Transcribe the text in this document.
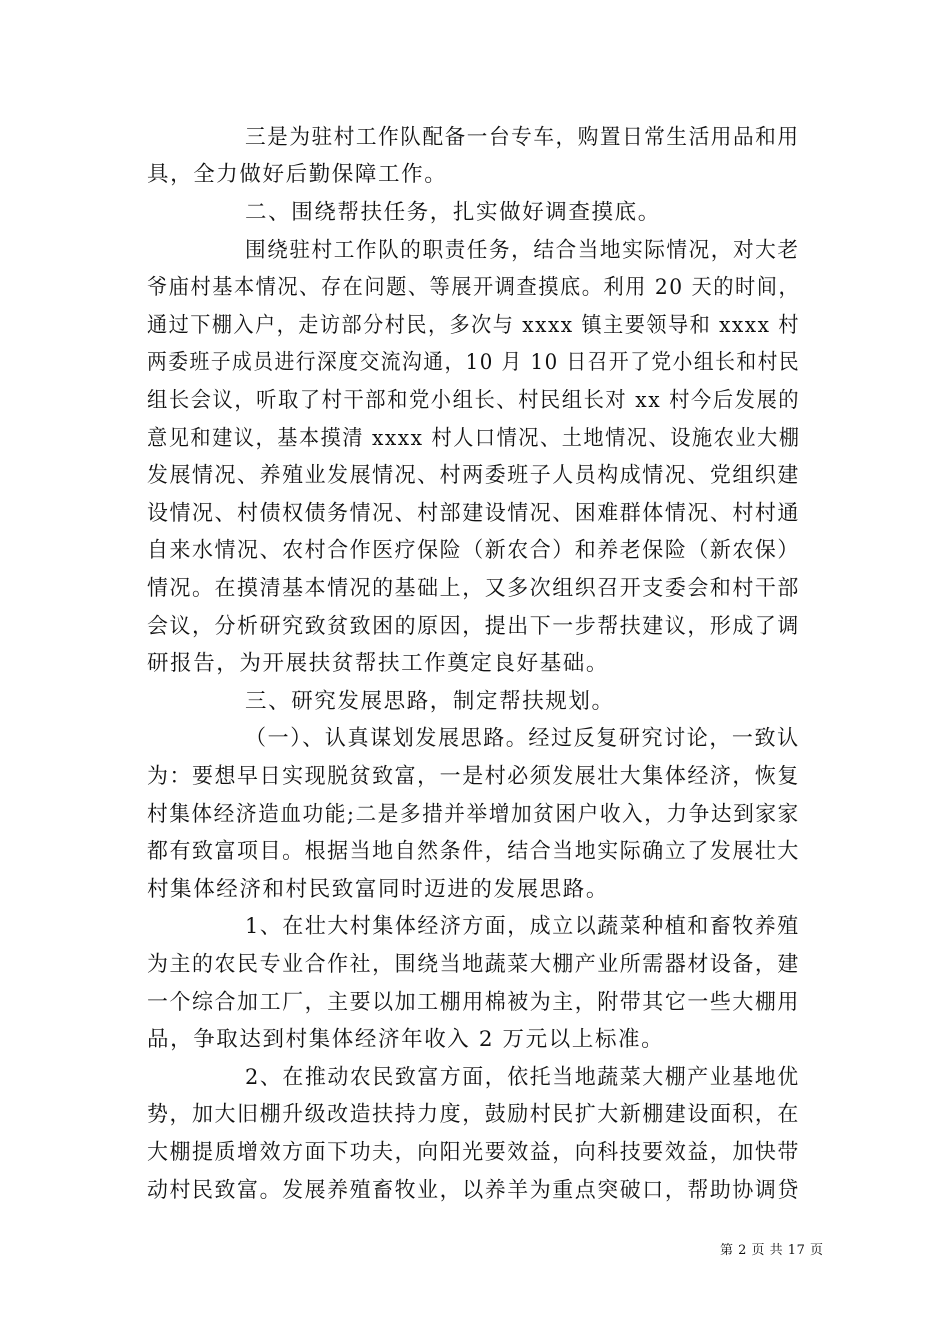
三是为驻村工作队配备一台专车，购置日常生活用品和用
具，全力做好后勤保障工作。
二、围绕帮扶任务，扎实做好调查摸底。
围绕驻村工作队的职责任务，结合当地实际情况，对大老
爷庙村基本情况、存在问题、等展开调查摸底。利用 20 天的时间，
通过下棚入户，走访部分村民，多次与 xxxx 镇主要领导和 xxxx 村
两委班子成员进行深度交流沟通，10 月 10 日召开了党小组长和村民
组长会议，听取了村干部和党小组长、村民组长对 xx 村今后发展的
意见和建议，基本摸清 xxxx 村人口情况、土地情况、设施农业大棚
发展情况、养殖业发展情况、村两委班子人员构成情况、党组织建
设情况、村债权债务情况、村部建设情况、困难群体情况、村村通
自来水情况、农村合作医疗保险（新农合）和养老保险（新农保）
情况。在摸清基本情况的基础上，又多次组织召开支委会和村干部
会议，分析研究致贫致困的原因，提出下一步帮扶建议，形成了调
研报告，为开展扶贫帮扶工作奠定良好基础。
三、研究发展思路，制定帮扶规划。
（一）、认真谋划发展思路。经过反复研究讨论，一致认
为：要想早日实现脱贫致富，一是村必须发展壮大集体经济，恢复
村集体经济造血功能;二是多措并举增加贫困户收入，力争达到家家
都有致富项目。根据当地自然条件，结合当地实际确立了发展壮大
村集体经济和村民致富同时迈进的发展思路。
1、在壮大村集体经济方面，成立以蔬菜种植和畜牧养殖
为主的农民专业合作社，围绕当地蔬菜大棚产业所需器材设备，建
一个综合加工厂，主要以加工棚用棉被为主，附带其它一些大棚用
品，争取达到村集体经济年收入 2 万元以上标准。
2、在推动农民致富方面，依托当地蔬菜大棚产业基地优
势，加大旧棚升级改造扶持力度，鼓励村民扩大新棚建设面积，在
大棚提质增效方面下功夫，向阳光要效益，向科技要效益，加快带
动村民致富。发展养殖畜牧业，以养羊为重点突破口，帮助协调贷
第 2 页 共 17 页
